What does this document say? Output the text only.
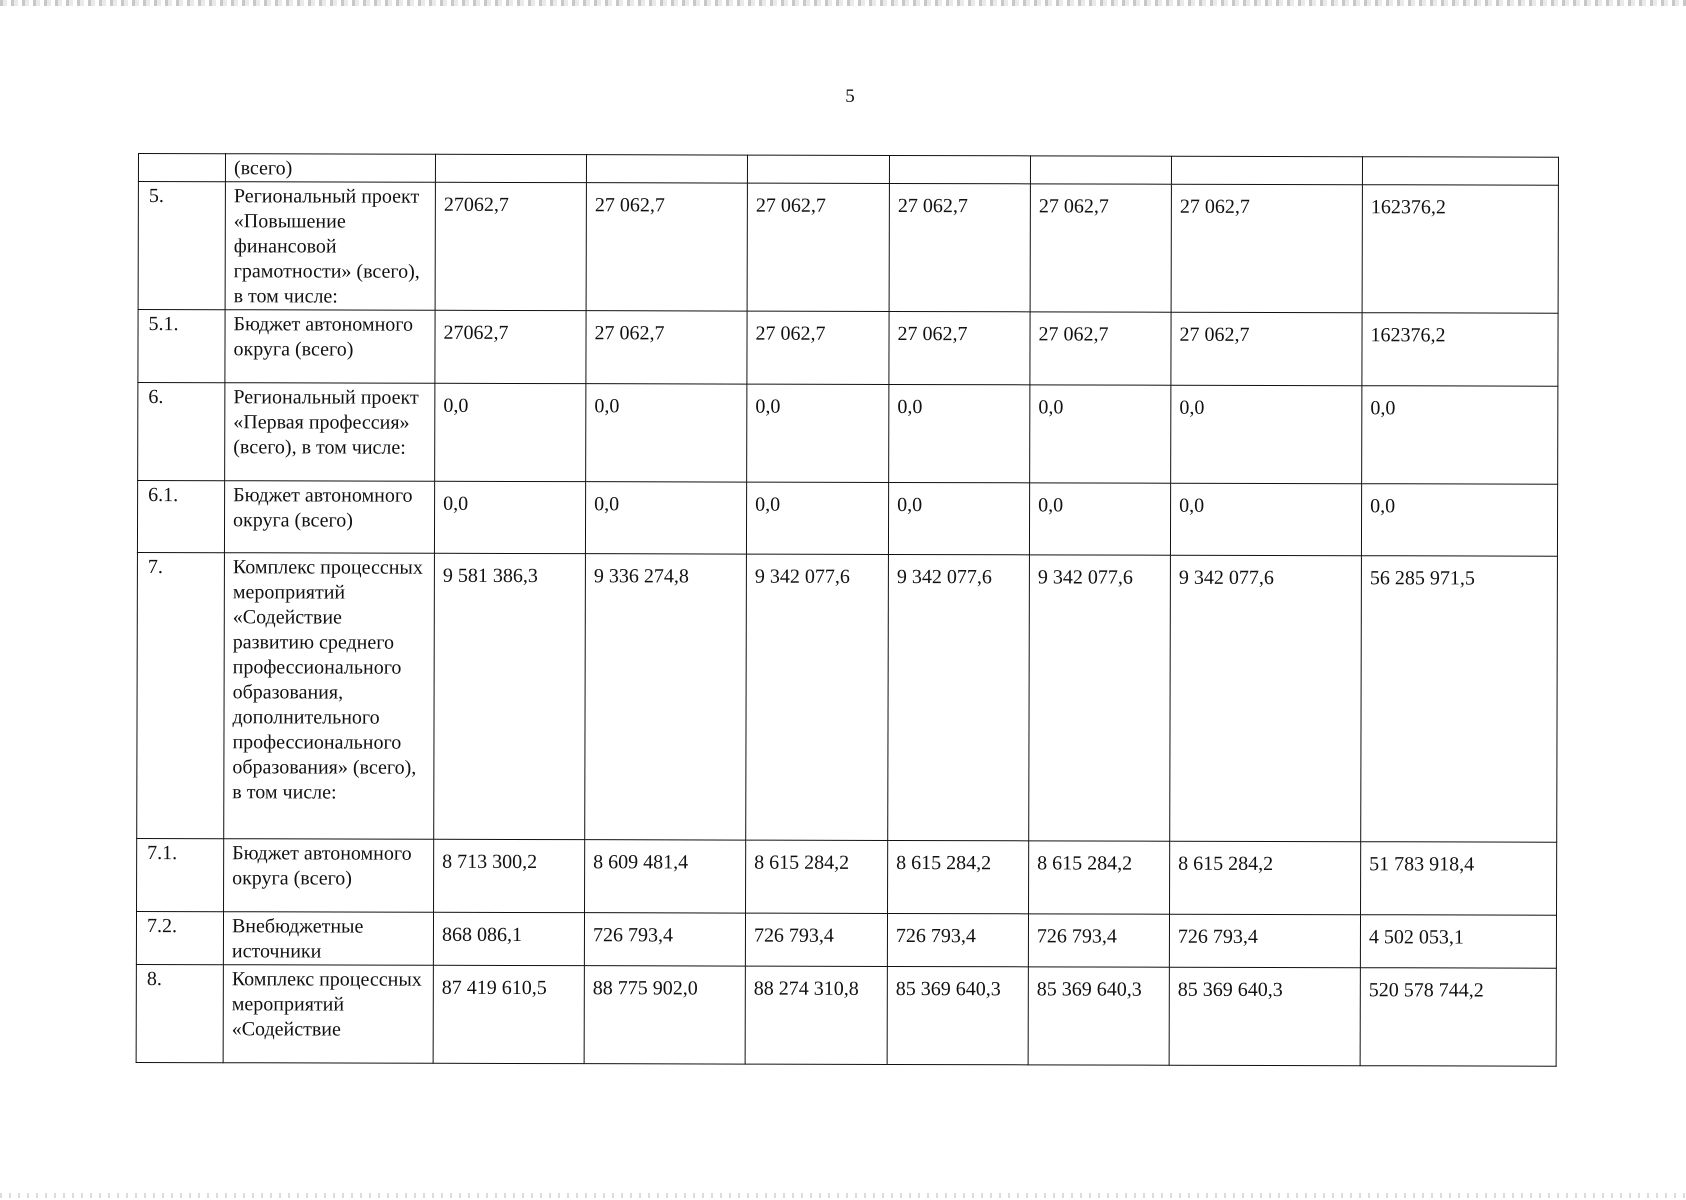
5
	(всего)							
5.	Региональный проект «Повышение финансовой грамотности» (всего), в том числе:	27062,7	27 062,7	27 062,7	27 062,7	27 062,7	27 062,7	162376,2
5.1.	Бюджет автономного округа (всего)	27062,7	27 062,7	27 062,7	27 062,7	27 062,7	27 062,7	162376,2
6.	Региональный проект «Первая профессия» (всего), в том числе:	0,0	0,0	0,0	0,0	0,0	0,0	0,0
6.1.	Бюджет автономного округа (всего)	0,0	0,0	0,0	0,0	0,0	0,0	0,0
7.	Комплекс процессных мероприятий «Содействие развитию среднего профессионального образования, дополнительного профессионального образования» (всего), в том числе:	9 581 386,3	9 336 274,8	9 342 077,6	9 342 077,6	9 342 077,6	9 342 077,6	56 285 971,5
7.1.	Бюджет автономного округа (всего)	8 713 300,2	8 609 481,4	8 615 284,2	8 615 284,2	8 615 284,2	8 615 284,2	51 783 918,4
7.2.	Внебюджетные источники	868 086,1	726 793,4	726 793,4	726 793,4	726 793,4	726 793,4	4 502 053,1
8.	Комплекс процессных мероприятий «Содействие	87 419 610,5	88 775 902,0	88 274 310,8	85 369 640,3	85 369 640,3	85 369 640,3	520 578 744,2
